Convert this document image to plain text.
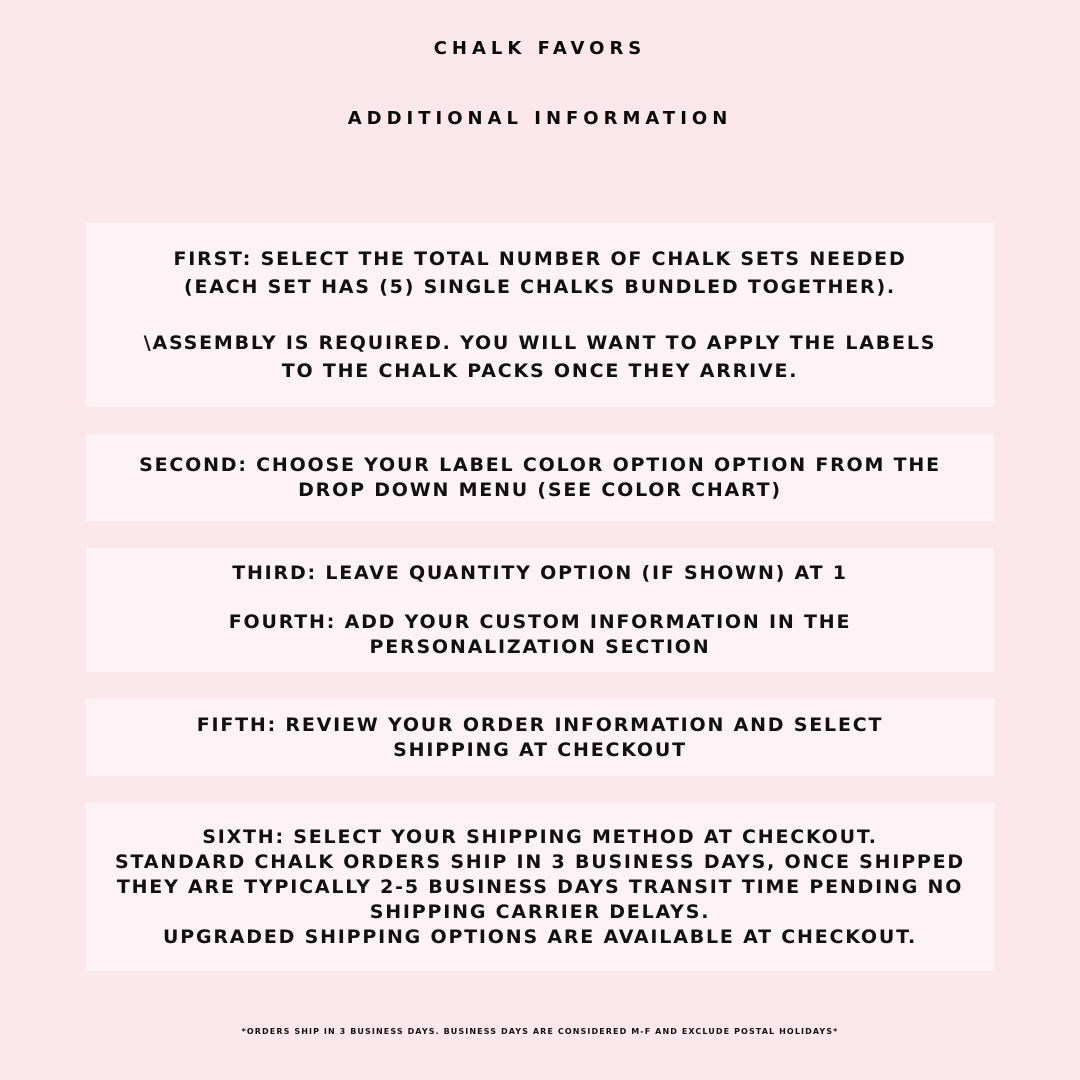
CHALK FAVORS
ADDITIONAL INFORMATION
FIRST: SELECT THE TOTAL NUMBER OF CHALK SETS NEEDED
(EACH SET HAS (5) SINGLE CHALKS BUNDLED TOGETHER).
\ASSEMBLY IS REQUIRED. YOU WILL WANT TO APPLY THE LABELS
TO THE CHALK PACKS ONCE THEY ARRIVE.
SECOND: CHOOSE YOUR LABEL COLOR OPTION OPTION FROM THE
DROP DOWN MENU (SEE COLOR CHART)
THIRD: LEAVE QUANTITY OPTION (IF SHOWN) AT 1
FOURTH: ADD YOUR CUSTOM INFORMATION IN THE
PERSONALIZATION SECTION
FIFTH: REVIEW YOUR ORDER INFORMATION AND SELECT
SHIPPING AT CHECKOUT
SIXTH: SELECT YOUR SHIPPING METHOD AT CHECKOUT.
STANDARD CHALK ORDERS SHIP IN 3 BUSINESS DAYS, ONCE SHIPPED
THEY ARE TYPICALLY 2-5 BUSINESS DAYS TRANSIT TIME PENDING NO
SHIPPING CARRIER DELAYS.
UPGRADED SHIPPING OPTIONS ARE AVAILABLE AT CHECKOUT.
*ORDERS SHIP IN 3 BUSINESS DAYS. BUSINESS DAYS ARE CONSIDERED M-F AND EXCLUDE POSTAL HOLIDAYS*
